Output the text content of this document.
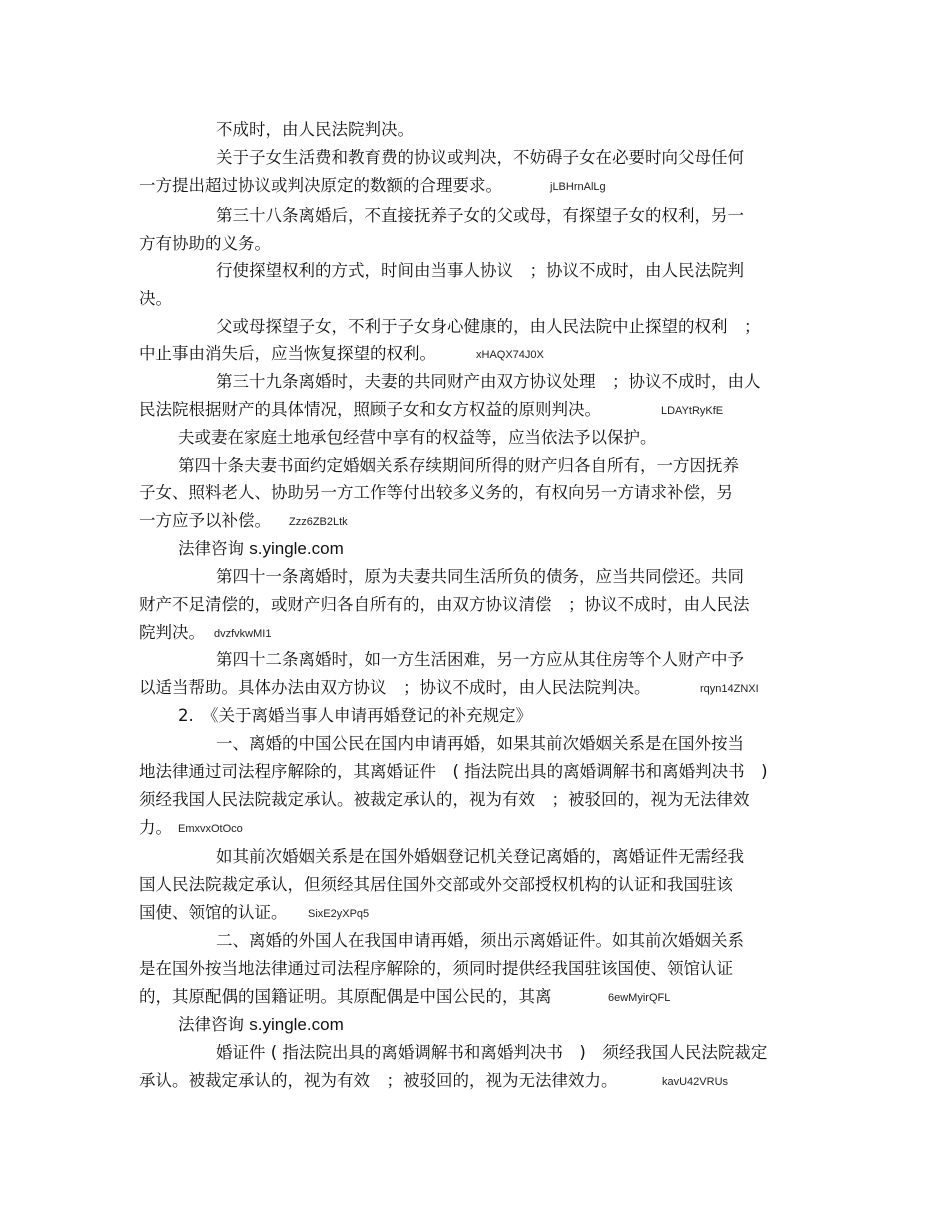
不成时，由人民法院判决。
关于子女生活费和教育费的协议或判决，不妨碍子女在必要时向父母任何
一方提出超过协议或判决原定的数额的合理要求。	jLBHrnAlLg
第三十八条离婚后，不直接抚养子女的父或母，有探望子女的权利，另一
方有协助的义务。
行使探望权利的方式，时间由当事人协议　；协议不成时，由人民法院判
决。
父或母探望子女，不利于子女身心健康的，由人民法院中止探望的权利　；
中止事由消失后，应当恢复探望的权利。	xHAQX74J0X
第三十九条离婚时，夫妻的共同财产由双方协议处理　；协议不成时，由人
民法院根据财产的具体情况，照顾子女和女方权益的原则判决。	LDAYtRyKfE
夫或妻在家庭土地承包经营中享有的权益等，应当依法予以保护。
第四十条夫妻书面约定婚姻关系存续期间所得的财产归各自所有，一方因抚养
子女、照料老人、协助另一方工作等付出较多义务的，有权向另一方请求补偿，另
一方应予以补偿。 Zzz6ZB2Ltk
法律咨询 s.yingle.com
第四十一条离婚时，原为夫妻共同生活所负的债务，应当共同偿还。共同
财产不足清偿的，或财产归各自所有的，由双方协议清偿　；协议不成时，由人民法
院判决。 dvzfvkwMI1
第四十二条离婚时，如一方生活困难，另一方应从其住房等个人财产中予
以适当帮助。具体办法由双方协议　；协议不成时，由人民法院判决。	rqyn14ZNXI
2.　《关于离婚当事人申请再婚登记的补充规定》
一、离婚的中国公民在国内申请再婚，如果其前次婚姻关系是在国外按当
地法律通过司法程序解除的，其离婚证件　( 指法院出具的离婚调解书和离婚判决书　)
须经我国人民法院裁定承认。被裁定承认的，视为有效　；被驳回的，视为无法律效
力。 EmxvxOtOco
如其前次婚姻关系是在国外婚姻登记机关登记离婚的，离婚证件无需经我
国人民法院裁定承认，但须经其居住国外交部或外交部授权机构的认证和我国驻该
国使、领馆的认证。 SixE2yXPq5
二、离婚的外国人在我国申请再婚，须出示离婚证件。如其前次婚姻关系
是在国外按当地法律通过司法程序解除的，须同时提供经我国驻该国使、领馆认证
的，其原配偶的国籍证明。其原配偶是中国公民的，其离	6ewMyirQFL
法律咨询 s.yingle.com
婚证件 ( 指法院出具的离婚调解书和离婚判决书　)　须经我国人民法院裁定
承认。被裁定承认的，视为有效　；被驳回的，视为无法律效力。	kavU42VRUs
